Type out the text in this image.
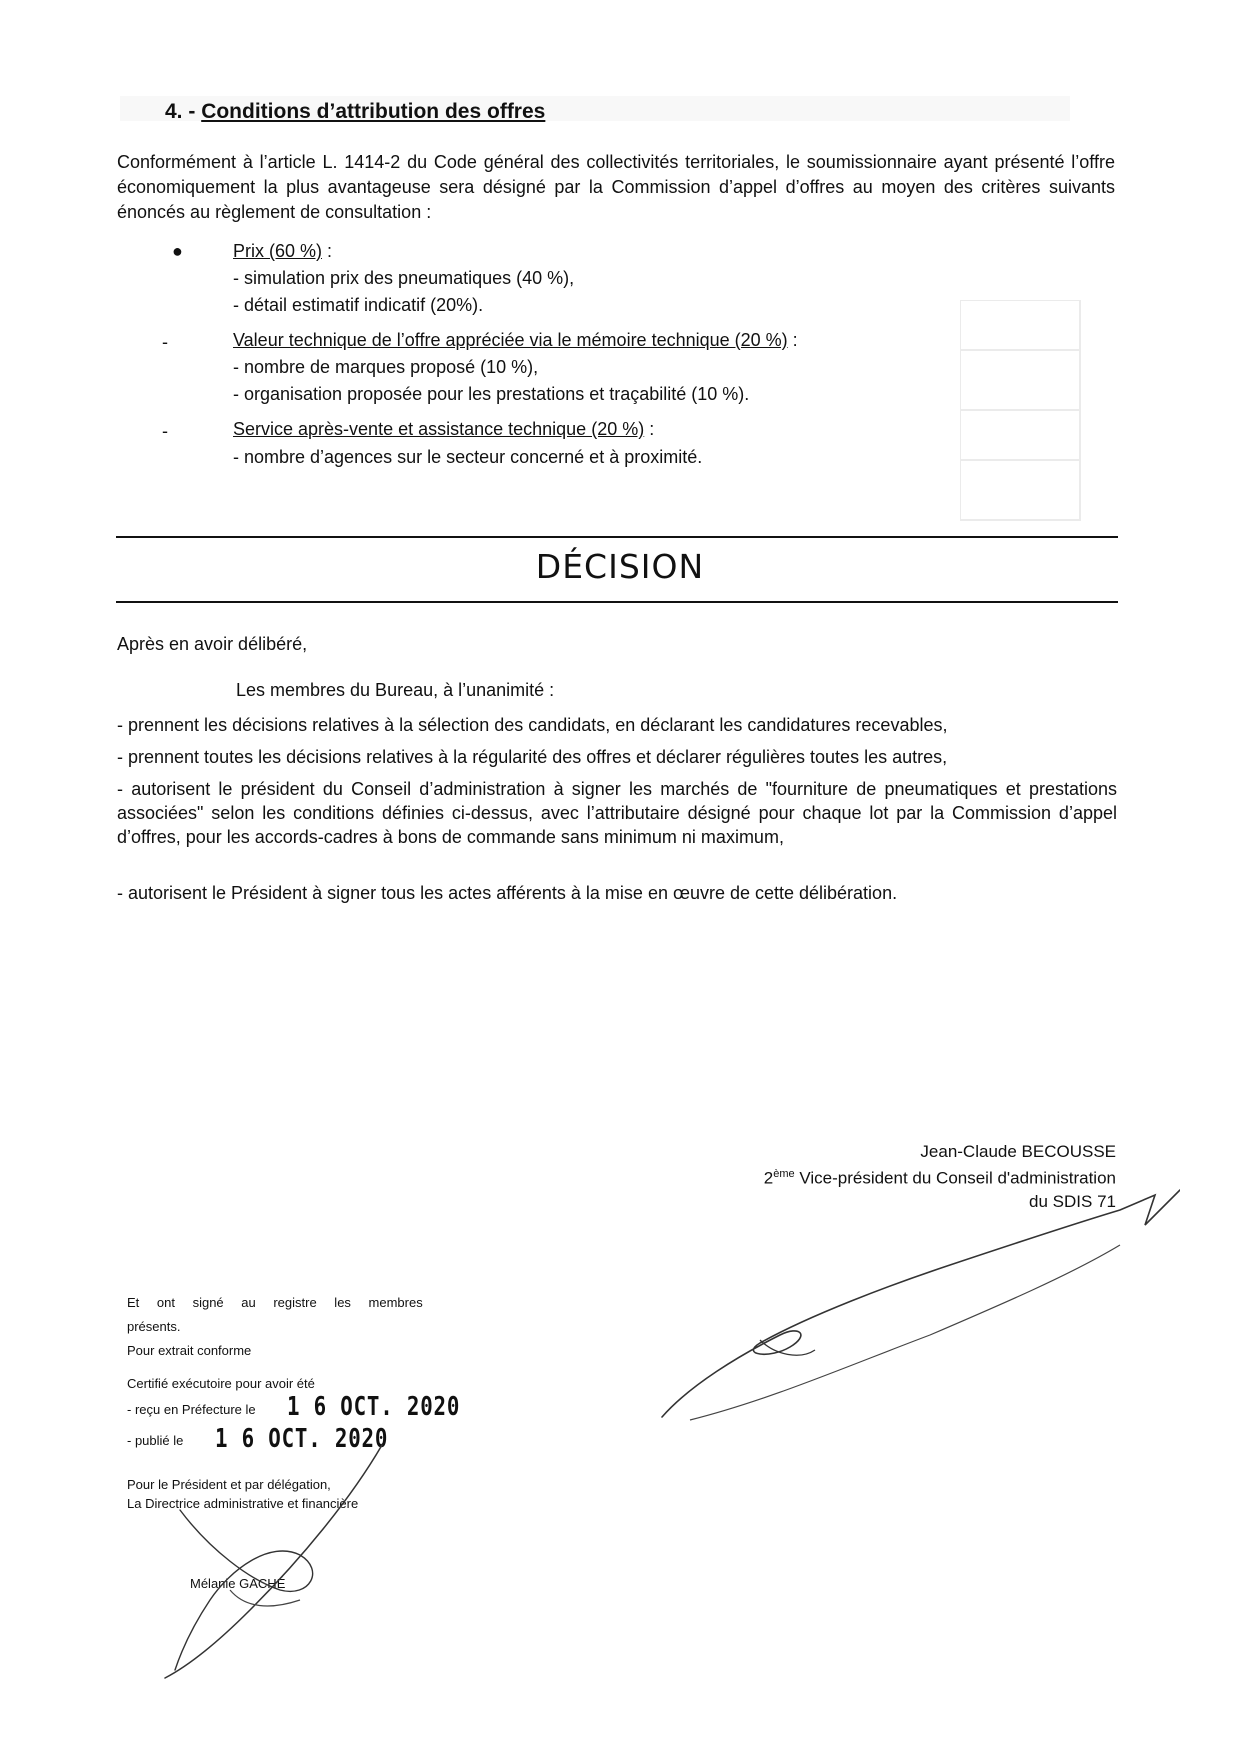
4. - Conditions d’attribution des offres
Conformément à l’article L. 1414-2 du Code général des collectivités territoriales, le soumissionnaire ayant présenté l’offre économiquement la plus avantageuse sera désigné par la Commission d’appel d’offres au moyen des critères suivants énoncés au règlement de consultation :
●	Prix (60 %) :
- simulation prix des pneumatiques (40 %),
- détail estimatif indicatif (20%).
-	Valeur technique de l’offre appréciée via le mémoire technique (20 %) :
- nombre de marques proposé (10 %),
- organisation proposée pour les prestations et traçabilité (10 %).
-	Service après-vente et assistance technique (20 %) :
- nombre d’agences sur le secteur concerné et à proximité.
DÉCISION
Après en avoir délibéré,
Les membres du Bureau, à l’unanimité :
- prennent les décisions relatives à la sélection des candidats, en déclarant les candidatures recevables,
- prennent toutes les décisions relatives à la régularité des offres et déclarer régulières toutes les autres,
- autorisent le président du Conseil d’administration à signer les marchés de "fourniture de pneumatiques et prestations associées" selon les conditions définies ci-dessus, avec l’attributaire désigné pour chaque lot par la Commission d’appel d’offres, pour les accords-cadres à bons de commande sans minimum ni maximum,
- autorisent le Président à signer tous les actes afférents à la mise en œuvre de cette délibération.
Jean-Claude BECOUSSE
2ème Vice-président du Conseil d'administration
du SDIS 71
Et ont signé au registre les membres
présents.
Pour extrait conforme
Certifié exécutoire pour avoir été
- reçu en Préfecture le 1 6 OCT. 2020
- publié le 1 6 OCT. 2020
Pour le Président et par délégation,
La Directrice administrative et financière
Mélanie GACHÉ
